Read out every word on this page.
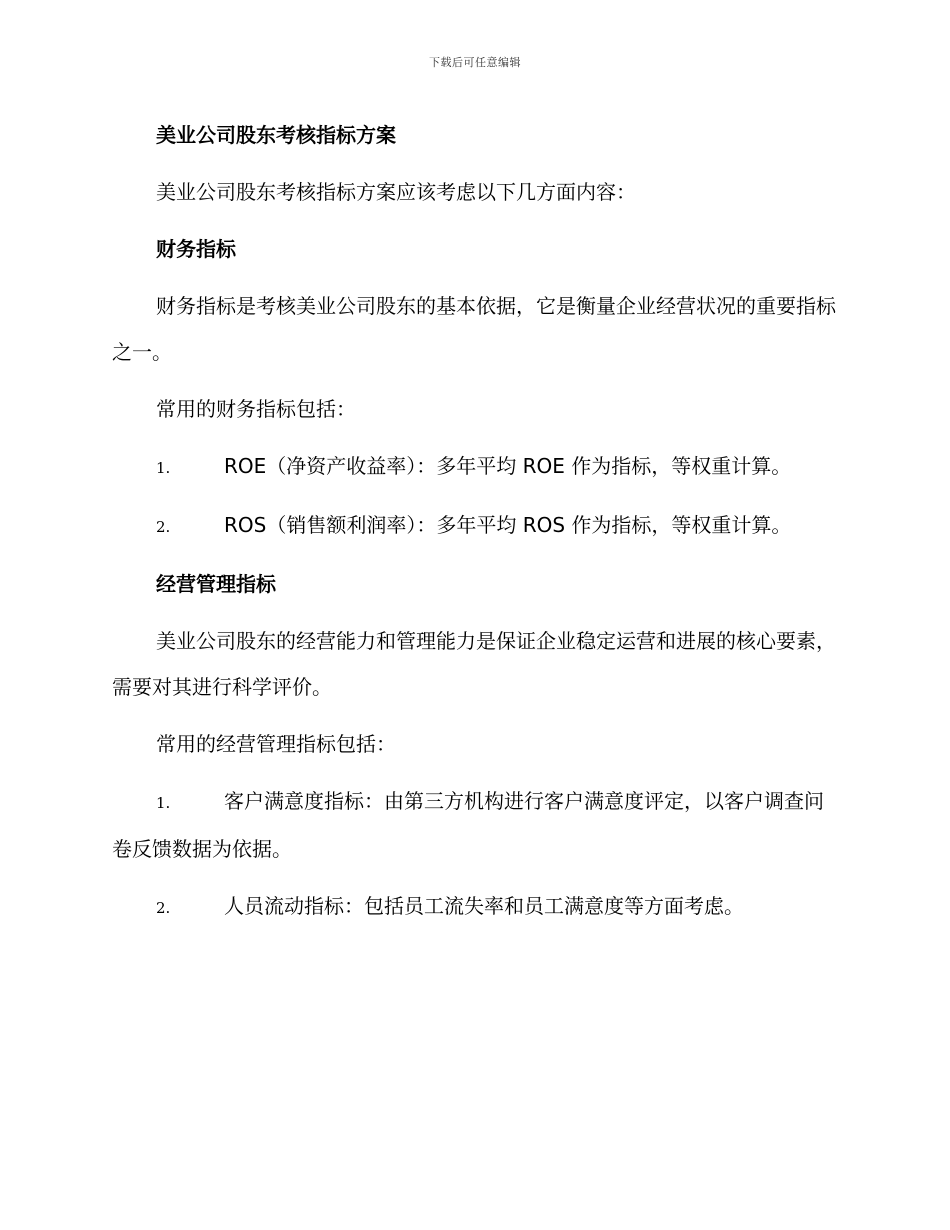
下载后可任意编辑

美业公司股东考核指标方案

美业公司股东考核指标方案应该考虑以下几方面内容：

财务指标

财务指标是考核美业公司股东的基本依据，它是衡量企业经营状况的重要指标之一。

常用的财务指标包括：

1.	ROE（净资产收益率）：多年平均 ROE 作为指标，等权重计算。

2.	ROS（销售额利润率）：多年平均 ROS 作为指标，等权重计算。

经营管理指标

美业公司股东的经营能力和管理能力是保证企业稳定运营和进展的核心要素，需要对其进行科学评价。

常用的经营管理指标包括：

1.	客户满意度指标：由第三方机构进行客户满意度评定，以客户调查问卷反馈数据为依据。

2.	人员流动指标：包括员工流失率和员工满意度等方面考虑。
